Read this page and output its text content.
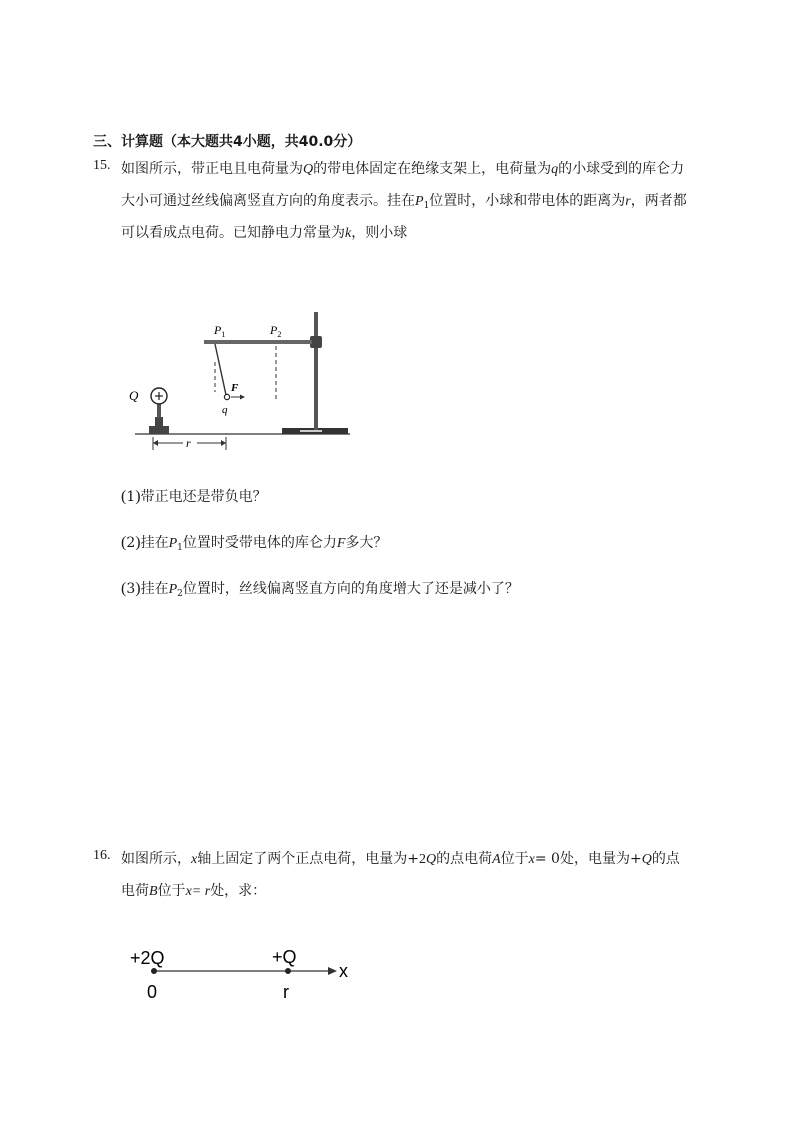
三、计算题（本大题共4小题，共40.0分）
15. 如图所示，带正电且电荷量为Q的带电体固定在绝缘支架上，电荷量为q的小球受到的库仑力
大小可通过丝线偏离竖直方向的角度表示。挂在$P_1$位置时，小球和带电体的距离为r，两者都
可以看成点电荷。已知静电力常量为k，则小球
Q
r
$P_1$	$P_2$
F
q
(1)带正电还是带负电？
(2)挂在$P_1$位置时受带电体的库仑力F多大？
(3)挂在$P_2$位置时，丝线偏离竖直方向的角度增大了还是减小了？
16. 如图所示，x轴上固定了两个正点电荷，电量为+2Q的点电荷A位于x= 0处，电量为+Q的点
电荷B位于x= r处，求：
+2Q	+Q
0	r
x
